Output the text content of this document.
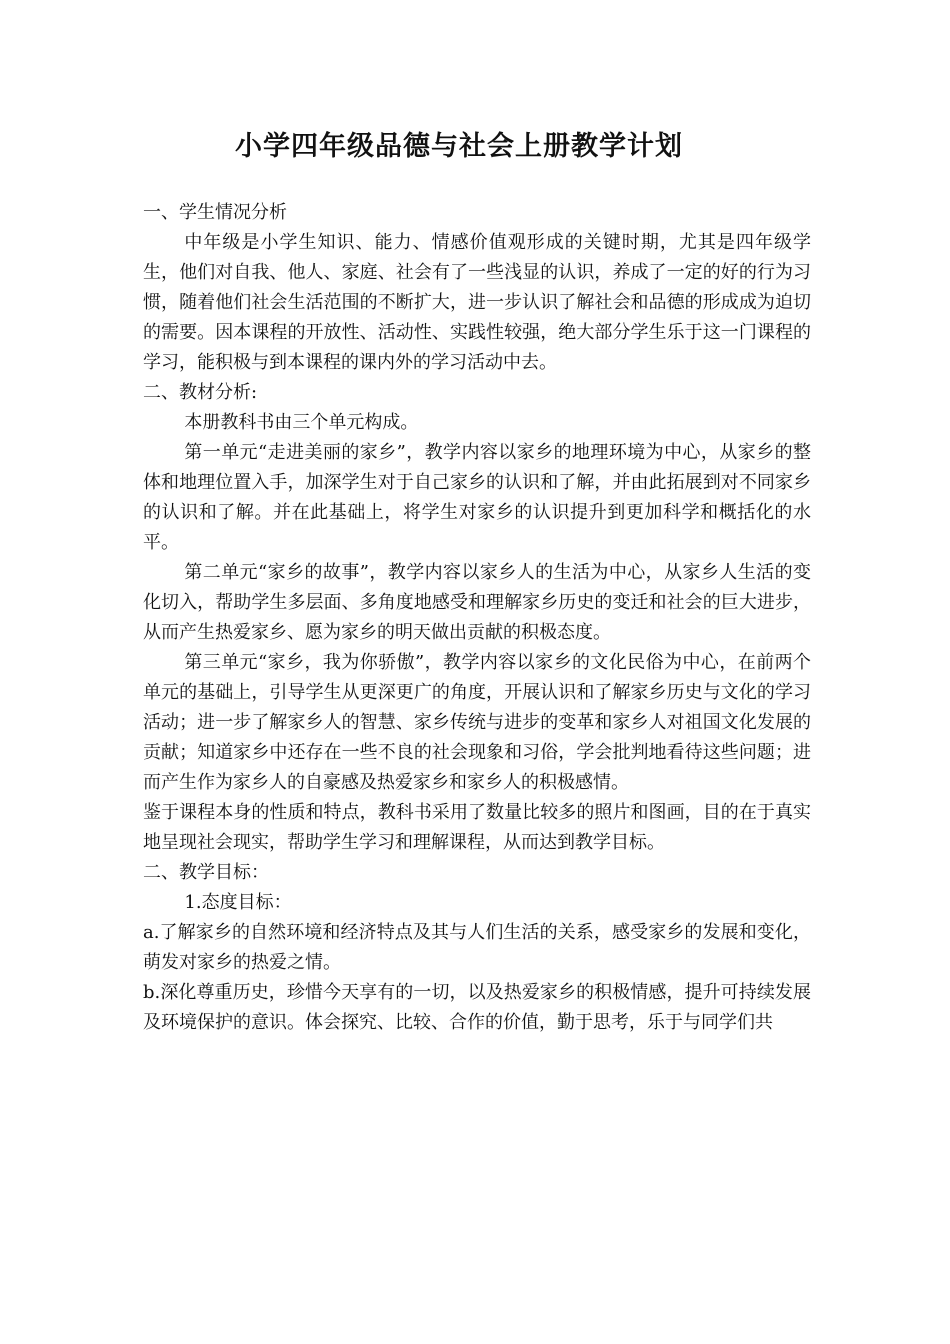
小学四年级品德与社会上册教学计划

一、学生情况分析

中年级是小学生知识、能力、情感价值观形成的关键时期，尤其是四年级学生，他们对自我、他人、家庭、社会有了一些浅显的认识，养成了一定的好的行为习惯，随着他们社会生活范围的不断扩大，进一步认识了解社会和品德的形成成为迫切的需要。因本课程的开放性、活动性、实践性较强，绝大部分学生乐于这一门课程的学习，能积极与到本课程的课内外的学习活动中去。

二、教材分析:

本册教科书由三个单元构成。

第一单元“走进美丽的家乡”，教学内容以家乡的地理环境为中心，从家乡的整体和地理位置入手，加深学生对于自己家乡的认识和了解，并由此拓展到对不同家乡的认识和了解。并在此基础上，将学生对家乡的认识提升到更加科学和概括化的水平。

第二单元“家乡的故事”，教学内容以家乡人的生活为中心，从家乡人生活的变化切入，帮助学生多层面、多角度地感受和理解家乡历史的变迁和社会的巨大进步，从而产生热爱家乡、愿为家乡的明天做出贡献的积极态度。

第三单元“家乡，我为你骄傲”，教学内容以家乡的文化民俗为中心，在前两个单元的基础上，引导学生从更深更广的角度，开展认识和了解家乡历史与文化的学习活动；进一步了解家乡人的智慧、家乡传统与进步的变革和家乡人对祖国文化发展的贡献；知道家乡中还存在一些不良的社会现象和习俗，学会批判地看待这些问题；进而产生作为家乡人的自豪感及热爱家乡和家乡人的积极感情。

鉴于课程本身的性质和特点，教科书采用了数量比较多的照片和图画，目的在于真实地呈现社会现实，帮助学生学习和理解课程，从而达到教学目标。

二、教学目标：

1.态度目标：

a.了解家乡的自然环境和经济特点及其与人们生活的关系，感受家乡的发展和变化，萌发对家乡的热爱之情。

b.深化尊重历史，珍惜今天享有的一切，以及热爱家乡的积极情感，提升可持续发展及环境保护的意识。体会探究、比较、合作的价值，勤于思考，乐于与同学们共
